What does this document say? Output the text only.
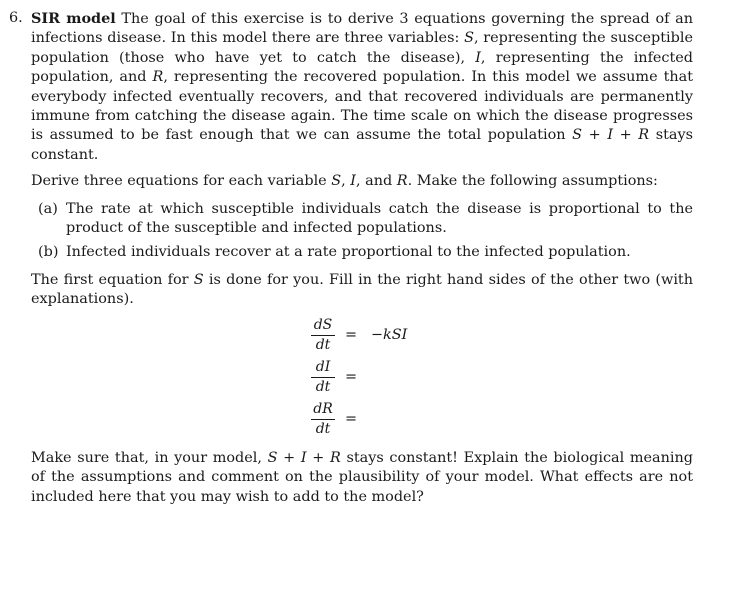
6. SIR model The goal of this exercise is to derive 3 equations governing the spread of an infections disease. In this model there are three variables: S, representing the susceptible population (those who have yet to catch the disease), I, representing the infected population, and R, representing the recovered population. In this model we assume that everybody infected eventually recovers, and that recovered individuals are permanently immune from catching the disease again. The time scale on which the disease progresses is assumed to be fast enough that we can assume the total population S + I + R stays constant.

Derive three equations for each variable S, I, and R. Make the following assumptions:

(a) The rate at which susceptible individuals catch the disease is proportional to the product of the susceptible and infected populations.
(b) Infected individuals recover at a rate proportional to the infected population.

The first equation for S is done for you. Fill in the right hand sides of the other two (with explanations).

$\frac{dS}{dt} = -kSI$
$\frac{dI}{dt}$ =
$\frac{dR}{dt}$ =

Make sure that, in your model, S + I + R stays constant! Explain the biological meaning of the assumptions and comment on the plausibility of your model. What effects are not included here that you may wish to add to the model?
